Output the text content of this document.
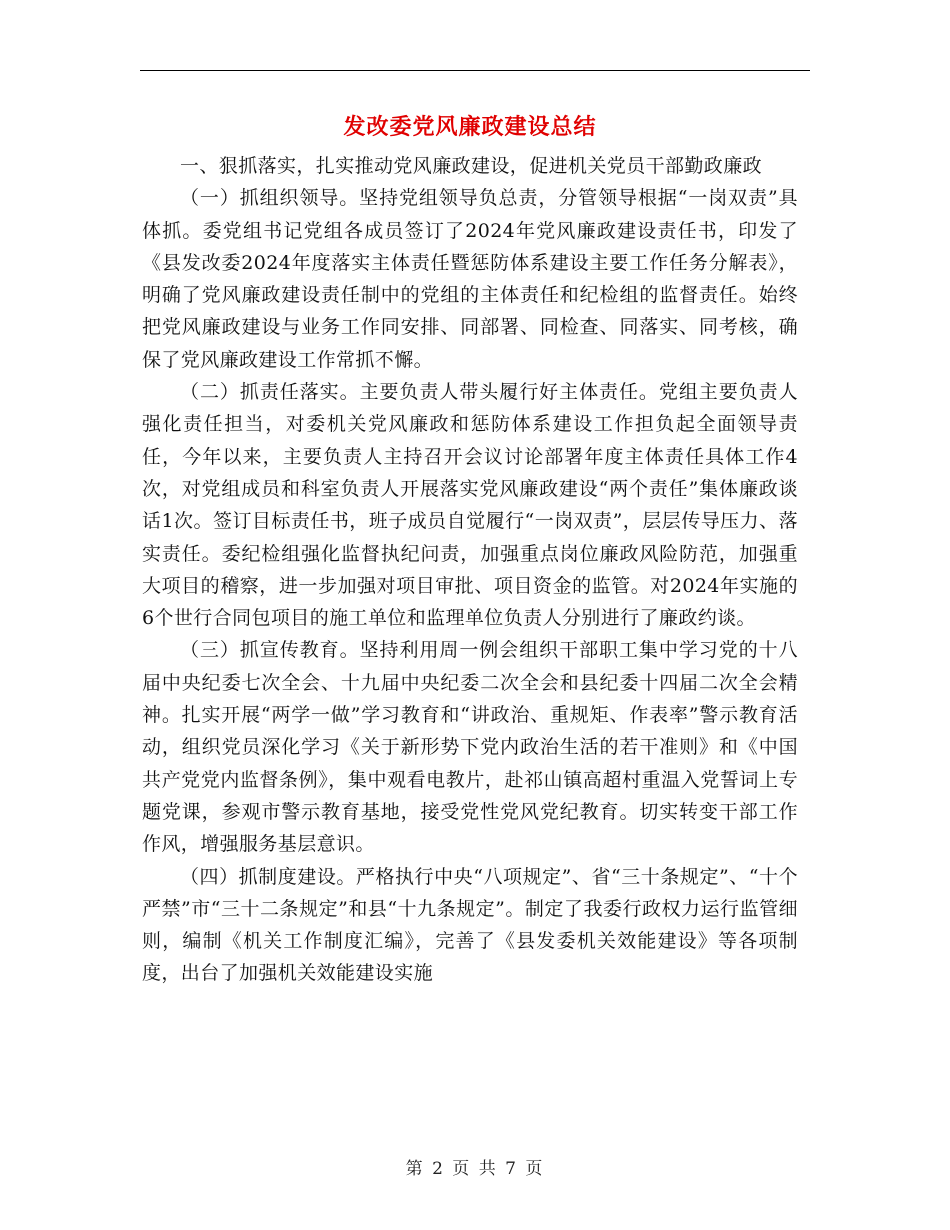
发改委党风廉政建设总结

一、狠抓落实，扎实推动党风廉政建设，促进机关党员干部勤政廉政

（一）抓组织领导。坚持党组领导负总责，分管领导根据“一岗双责”具体抓。委党组书记党组各成员签订了2024年党风廉政建设责任书，印发了《县发改委2024年度落实主体责任暨惩防体系建设主要工作任务分解表》，明确了党风廉政建设责任制中的党组的主体责任和纪检组的监督责任。始终把党风廉政建设与业务工作同安排、同部署、同检查、同落实、同考核，确保了党风廉政建设工作常抓不懈。

（二）抓责任落实。主要负责人带头履行好主体责任。党组主要负责人强化责任担当，对委机关党风廉政和惩防体系建设工作担负起全面领导责任，今年以来，主要负责人主持召开会议讨论部署年度主体责任具体工作4次，对党组成员和科室负责人开展落实党风廉政建设“两个责任”集体廉政谈话1次。签订目标责任书，班子成员自觉履行“一岗双责”，层层传导压力、落实责任。委纪检组强化监督执纪问责，加强重点岗位廉政风险防范，加强重大项目的稽察，进一步加强对项目审批、项目资金的监管。对2024年实施的6个世行合同包项目的施工单位和监理单位负责人分别进行了廉政约谈。

（三）抓宣传教育。坚持利用周一例会组织干部职工集中学习党的十八届中央纪委七次全会、十九届中央纪委二次全会和县纪委十四届二次全会精神。扎实开展“两学一做”学习教育和“讲政治、重规矩、作表率”警示教育活动，组织党员深化学习《关于新形势下党内政治生活的若干准则》和《中国共产党党内监督条例》，集中观看电教片，赴祁山镇高超村重温入党誓词上专题党课，参观市警示教育基地，接受党性党风党纪教育。切实转变干部工作作风，增强服务基层意识。

（四）抓制度建设。严格执行中央“八项规定”、省“三十条规定”、“十个严禁”市“三十二条规定”和县“十九条规定”。制定了我委行政权力运行监管细则，编制《机关工作制度汇编》，完善了《县发委机关效能建设》等各项制度，出台了加强机关效能建设实施

第 2 页 共 7 页
